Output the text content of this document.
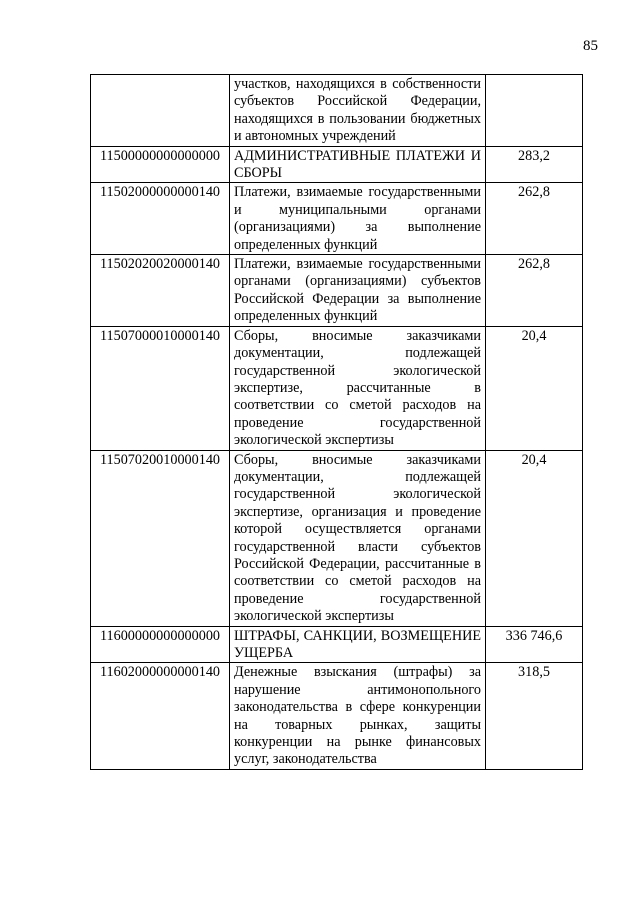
85
	участков, находящихся в собственности субъектов Российской Федерации, находящихся в пользовании бюджетных и автономных учреждений	
11500000000000000	АДМИНИСТРАТИВНЫЕ ПЛАТЕЖИ И СБОРЫ	283,2
11502000000000140	Платежи, взимаемые государственными и муниципальными органами (организациями) за выполнение определенных функций	262,8
11502020020000140	Платежи, взимаемые государственными органами (организациями) субъектов Российской Федерации за выполнение определенных функций	262,8
11507000010000140	Сборы, вносимые заказчиками документации, подлежащей государственной экологической экспертизе, рассчитанные в соответствии со сметой расходов на проведение государственной экологической экспертизы	20,4
11507020010000140	Сборы, вносимые заказчиками документации, подлежащей государственной экологической экспертизе, организация и проведение которой осуществляется органами государственной власти субъектов Российской Федерации, рассчитанные в соответствии со сметой расходов на проведение государственной экологической экспертизы	20,4
11600000000000000	ШТРАФЫ, САНКЦИИ, ВОЗМЕЩЕНИЕ УЩЕРБА	336 746,6
11602000000000140	Денежные взыскания (штрафы) за нарушение антимонопольного законодательства в сфере конкуренции на товарных рынках, защиты конкуренции на рынке финансовых услуг, законодательства	318,5
